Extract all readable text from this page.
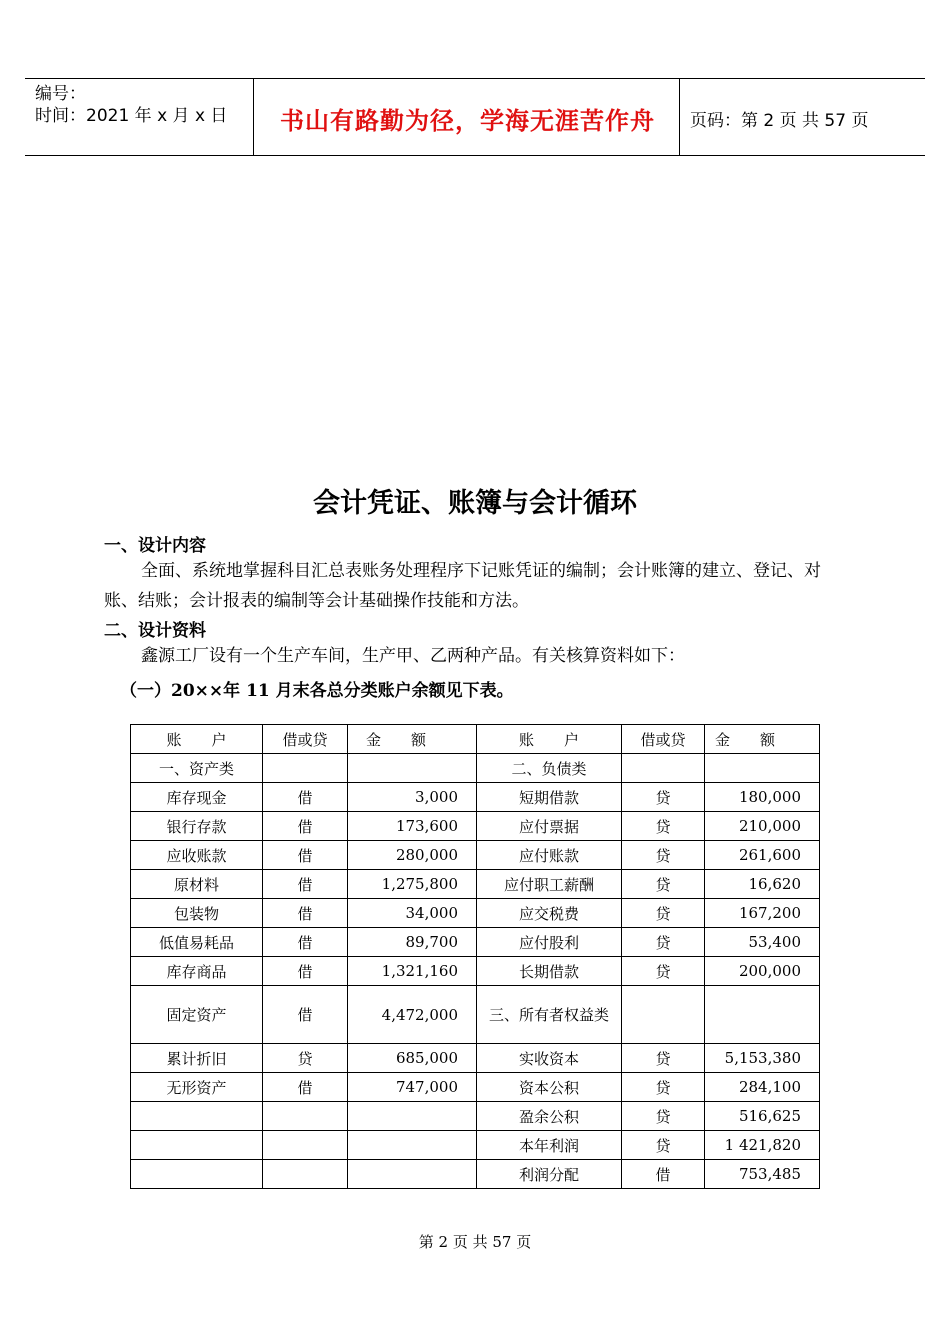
编号：
时间：2021 年 x 月 x 日	书山有路勤为径，学海无涯苦作舟	页码：第 2 页 共 57 页
会计凭证、账簿与会计循环
一、设计内容
全面、系统地掌握科目汇总表账务处理程序下记账凭证的编制；会计账簿的建立、登记、对账、结账；会计报表的编制等会计基础操作技能和方法。
二、设计资料
鑫源工厂设有一个生产车间，生产甲、乙两种产品。有关核算资料如下：
（一）20××年 11 月末各总分类账户余额见下表。
账　　户	借或贷	金　　额	账　　户	借或贷	金　　额
一、资产类			二、负债类		
库存现金	借	3,000	短期借款	贷	180,000
银行存款	借	173,600	应付票据	贷	210,000
应收账款	借	280,000	应付账款	贷	261,600
原材料	借	1,275,800	应付职工薪酬	贷	16,620
包装物	借	34,000	应交税费	贷	167,200
低值易耗品	借	89,700	应付股利	贷	53,400
库存商品	借	1,321,160	长期借款	贷	200,000
固定资产	借	4,472,000	三、所有者权益类		

累计折旧	贷	685,000	实收资本	贷	5,153,380
无形资产	借	747,000	资本公积	贷	284,100
			盈余公积	贷	516,625
			本年利润	贷	1 421,820
			利润分配	借	753,485
第 2 页 共 57 页
